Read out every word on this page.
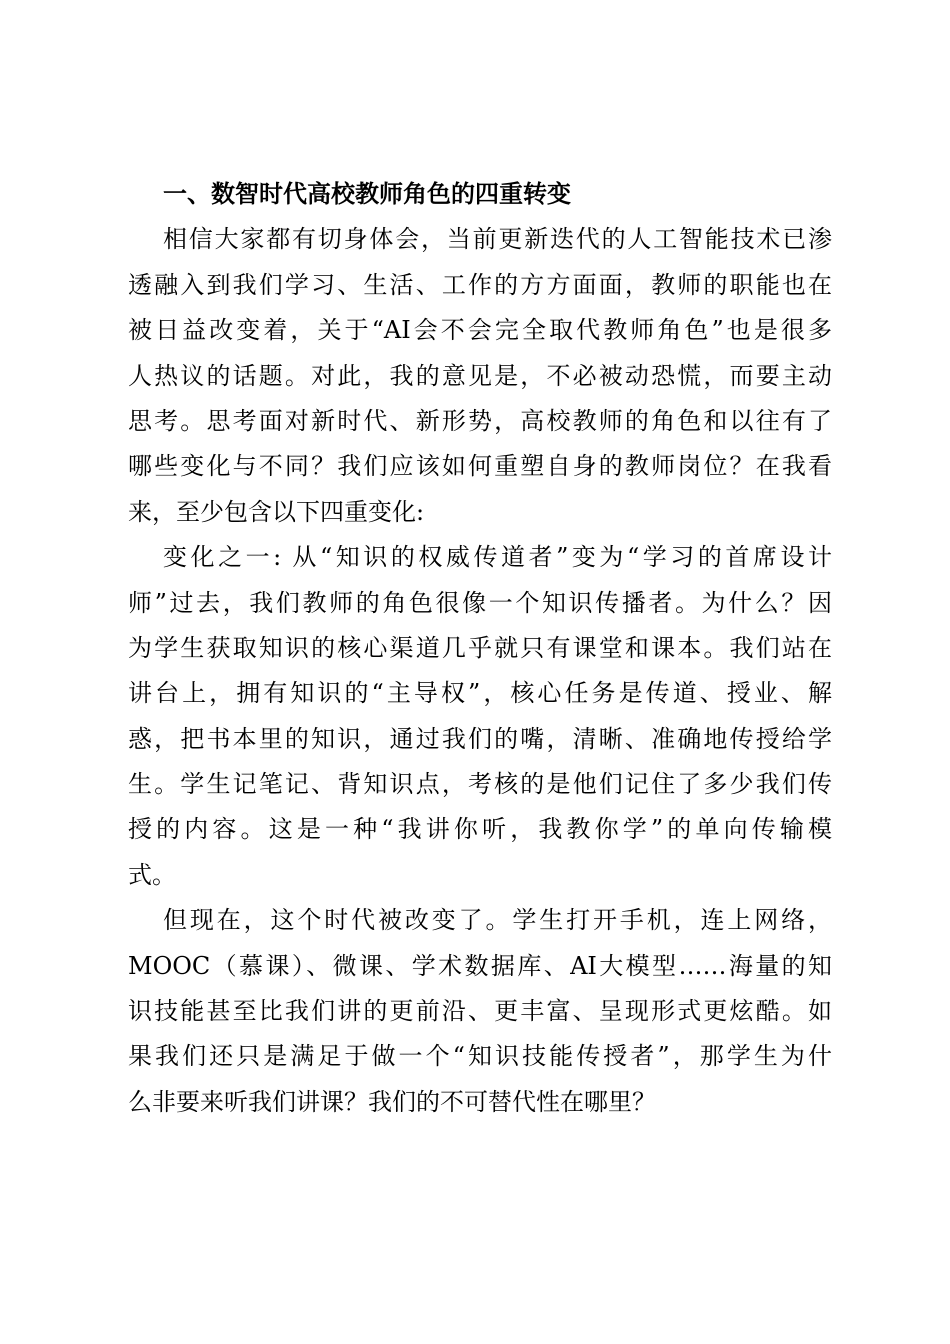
一、数智时代高校教师角色的四重转变
相信大家都有切身体会，当前更新迭代的人工智能技术已渗
透融入到我们学习、生活、工作的方方面面，教师的职能也在
被日益改变着，关于“AI会不会完全取代教师角色”也是很多
人热议的话题。对此，我的意见是，不必被动恐慌，而要主动
思考。思考面对新时代、新形势，高校教师的角色和以往有了
哪些变化与不同？我们应该如何重塑自身的教师岗位？在我看
来，至少包含以下四重变化:
变化之一: 从“知识的权威传道者”变为“学习的首席设计
师”过去，我们教师的角色很像一个知识传播者。为什么？因
为学生获取知识的核心渠道几乎就只有课堂和课本。我们站在
讲台上，拥有知识的“主导权”，核心任务是传道、授业、解
惑，把书本里的知识，通过我们的嘴，清晰、准确地传授给学
生。学生记笔记、背知识点，考核的是他们记住了多少我们传
授的内容。这是一种“我讲你听，我教你学”的单向传输模
式。
但现在，这个时代被改变了。学生打开手机，连上网络，
MOOC（慕课）、微课、学术数据库、AI大模型……海量的知
识技能甚至比我们讲的更前沿、更丰富、呈现形式更炫酷。如
果我们还只是满足于做一个“知识技能传授者”，那学生为什
么非要来听我们讲课？我们的不可替代性在哪里？
